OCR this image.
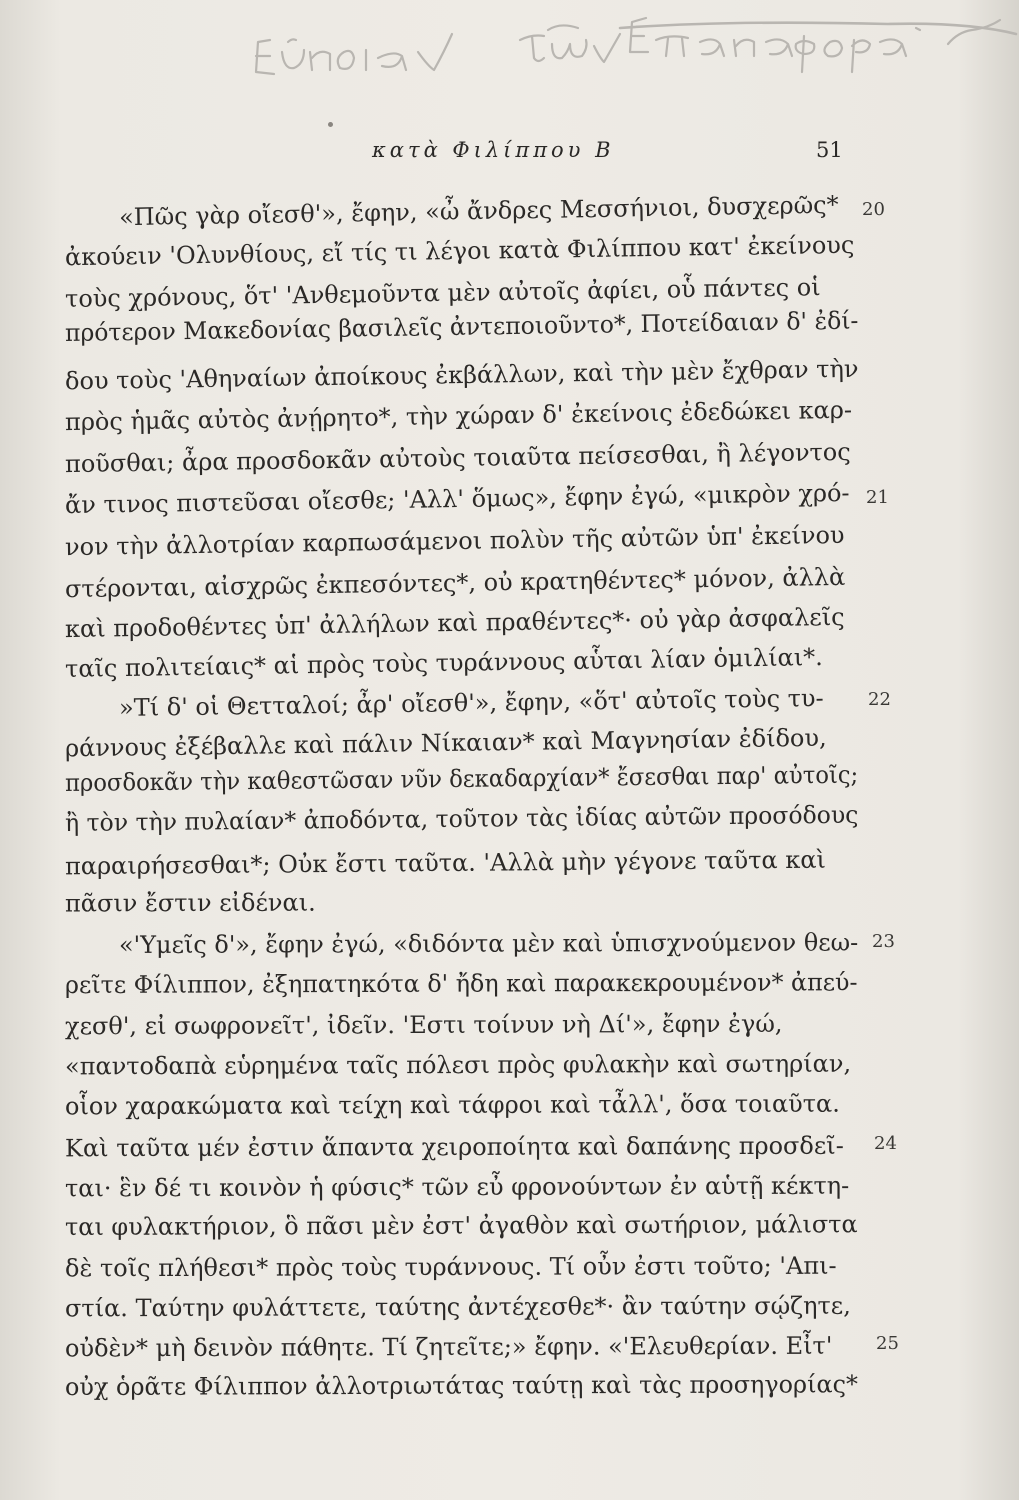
κατὰ Φιλίππου Β	51
«Πῶς γὰρ οἴεσθ'», ἔφην, «ὦ ἄνδρες Μεσσήνιοι, δυσχερῶς*
ἀκούειν 'Ολυνθίους, εἴ τίς τι λέγοι κατὰ Φιλίππου κατ' ἐκείνους
τοὺς χρόνους, ὅτ' 'Ανθεμοῦντα μὲν αὐτοῖς ἀφίει, οὗ πάντες οἱ
πρότερον Μακεδονίας βασιλεῖς ἀντεποιοῦντο*, Ποτείδαιαν δ' ἐδί-
δου τοὺς 'Αθηναίων ἀποίκους ἐκβάλλων, καὶ τὴν μὲν ἔχθραν τὴν
πρὸς ἡμᾶς αὐτὸς ἀνῄρητο*, τὴν χώραν δ' ἐκείνοις ἐδεδώκει καρ-
ποῦσθαι; ἆρα προσδοκᾶν αὐτοὺς τοιαῦτα πείσεσθαι, ἢ λέγοντος
ἄν τινος πιστεῦσαι οἴεσθε; 'Αλλ' ὅμως», ἔφην ἐγώ, «μικρὸν χρό-
νον τὴν ἀλλοτρίαν καρπωσάμενοι πολὺν τῆς αὐτῶν ὑπ' ἐκείνου
στέρονται, αἰσχρῶς ἐκπεσόντες*, οὐ κρατηθέντες* μόνον, ἀλλὰ
καὶ προδοθέντες ὑπ' ἀλλήλων καὶ πραθέντες*· οὐ γὰρ ἀσφαλεῖς
ταῖς πολιτείαις* αἱ πρὸς τοὺς τυράννους αὗται λίαν ὁμιλίαι*.
»Τί δ' οἱ Θετταλοί; ἆρ' οἴεσθ'», ἔφην, «ὅτ' αὐτοῖς τοὺς τυ-
ράννους ἐξέβαλλε καὶ πάλιν Νίκαιαν* καὶ Μαγνησίαν ἐδίδου,
προσδοκᾶν τὴν καθεστῶσαν νῦν δεκαδαρχίαν* ἔσεσθαι παρ' αὐτοῖς;
ἢ τὸν τὴν πυλαίαν* ἀποδόντα, τοῦτον τὰς ἰδίας αὐτῶν προσόδους
παραιρήσεσθαι*; Οὐκ ἔστι ταῦτα. 'Αλλὰ μὴν γέγονε ταῦτα καὶ
πᾶσιν ἔστιν εἰδέναι.
«'Υμεῖς δ'», ἔφην ἐγώ, «διδόντα μὲν καὶ ὑπισχνούμενον θεω-
ρεῖτε Φίλιππον, ἐξηπατηκότα δ' ἤδη καὶ παρακεκρουμένον* ἀπεύ-
χεσθ', εἰ σωφρονεῖτ', ἰδεῖν. 'Εστι τοίνυν νὴ Δί'», ἔφην ἐγώ,
«παντοδαπὰ εὑρημένα ταῖς πόλεσι πρὸς φυλακὴν καὶ σωτηρίαν,
οἷον χαρακώματα καὶ τείχη καὶ τάφροι καὶ τἆλλ', ὅσα τοιαῦτα.
Καὶ ταῦτα μέν ἐστιν ἅπαντα χειροποίητα καὶ δαπάνης προσδεῖ-
ται· ἓν δέ τι κοινὸν ἡ φύσις* τῶν εὖ φρονούντων ἐν αὑτῇ κέκτη-
ται φυλακτήριον, ὃ πᾶσι μὲν ἐστ' ἀγαθὸν καὶ σωτήριον, μάλιστα
δὲ τοῖς πλήθεσι* πρὸς τοὺς τυράννους. Τί οὖν ἐστι τοῦτο; 'Απι-
στία. Ταύτην φυλάττετε, ταύτης ἀντέχεσθε*· ἂν ταύτην σῴζητε,
οὐδὲν* μὴ δεινὸν πάθητε. Τί ζητεῖτε;» ἔφην. «'Ελευθερίαν. Εἶτ'
οὐχ ὁρᾶτε Φίλιππον ἀλλοτριωτάτας ταύτῃ καὶ τὰς προσηγορίας*
20
21
22
23
24
25
